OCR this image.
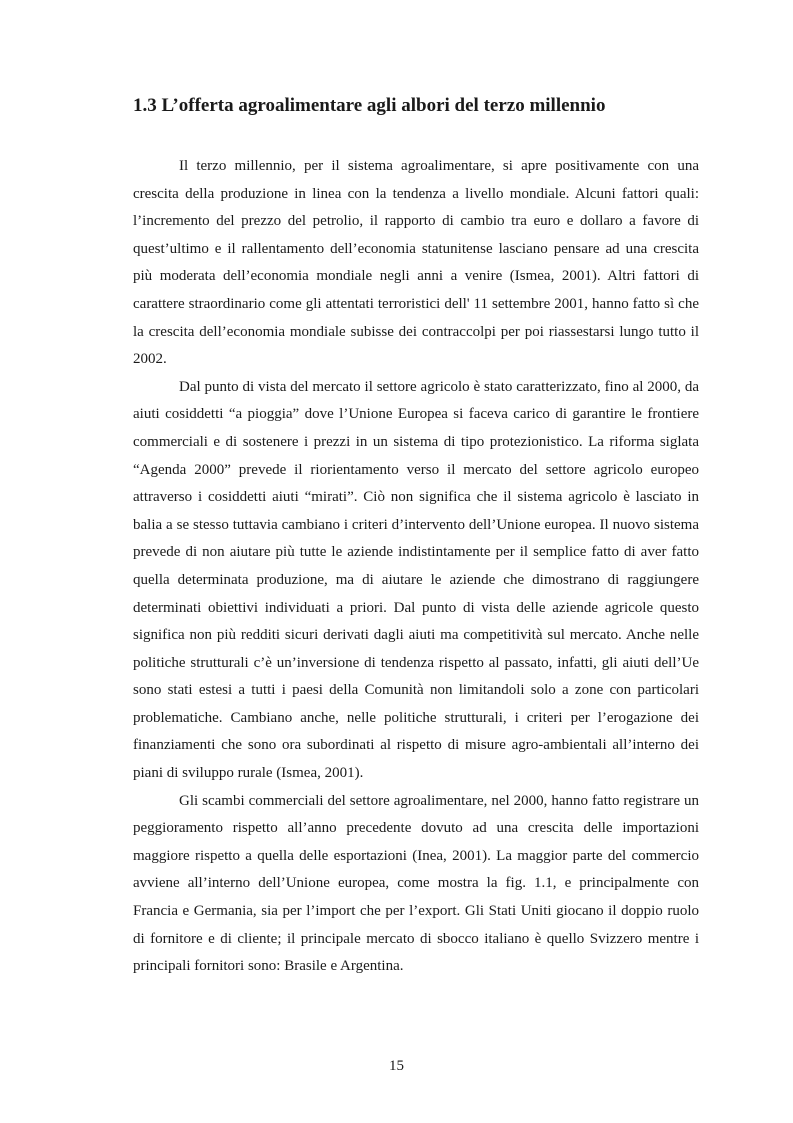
1.3 L’offerta agroalimentare agli albori del terzo millennio

Il terzo millennio, per il sistema agroalimentare, si apre positivamente con una crescita della produzione in linea con la tendenza a livello mondiale. Alcuni fattori quali: l’incremento del prezzo del petrolio, il rapporto di cambio tra euro e dollaro a favore di quest’ultimo e il rallentamento dell’economia statunitense lasciano pensare ad una crescita più moderata dell’economia mondiale negli anni a venire (Ismea, 2001). Altri fattori di carattere straordinario come gli attentati terroristici dell' 11 settembre 2001, hanno fatto sì che la crescita dell’economia mondiale subisse dei contraccolpi per poi riassestarsi lungo tutto il 2002.

Dal punto di vista del mercato il settore agricolo è stato caratterizzato, fino al 2000, da aiuti cosiddetti “a pioggia” dove l’Unione Europea si faceva carico di garantire le frontiere commerciali e di sostenere i prezzi in un sistema di tipo protezionistico. La riforma siglata “Agenda 2000” prevede il riorientamento verso il mercato del settore agricolo europeo attraverso i cosiddetti aiuti “mirati”. Ciò non significa che il sistema agricolo è lasciato in balia a se stesso tuttavia cambiano i criteri d’intervento dell’Unione europea. Il nuovo sistema prevede di non aiutare più tutte le aziende indistintamente per il semplice fatto di aver fatto quella determinata produzione, ma di aiutare le aziende che dimostrano di raggiungere determinati obiettivi individuati a priori. Dal punto di vista delle aziende agricole questo significa non più redditi sicuri derivati dagli aiuti ma competitività sul mercato. Anche nelle politiche strutturali c’è un’inversione di tendenza rispetto al passato, infatti, gli aiuti dell’Ue sono stati estesi a tutti i paesi della Comunità non limitandoli solo a zone con particolari problematiche. Cambiano anche, nelle politiche strutturali, i criteri per l’erogazione dei finanziamenti che sono ora subordinati al rispetto di misure agro-ambientali all’interno dei piani di sviluppo rurale (Ismea, 2001).

Gli scambi commerciali del settore agroalimentare, nel 2000, hanno fatto registrare un peggioramento rispetto all’anno precedente dovuto ad una crescita delle importazioni maggiore rispetto a quella delle esportazioni (Inea, 2001). La maggior parte del commercio avviene all’interno dell’Unione europea, come mostra la fig. 1.1, e principalmente con Francia e Germania, sia per l’import che per l’export. Gli Stati Uniti giocano il doppio ruolo di fornitore e di cliente; il principale mercato di sbocco italiano è quello Svizzero mentre i principali fornitori sono: Brasile e Argentina.

15
